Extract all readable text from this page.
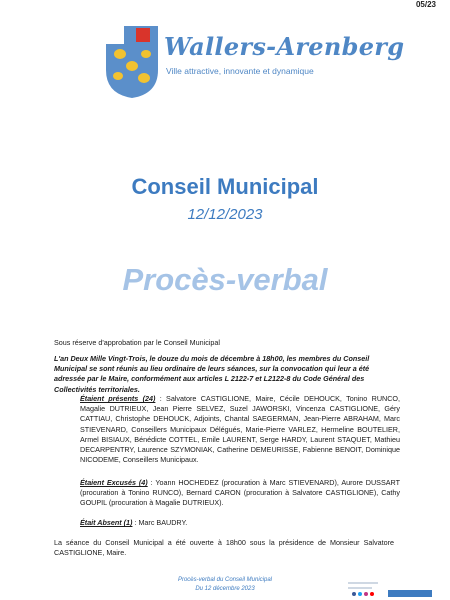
05/23
Wallers-Arenberg
Ville attractive, innovante et dynamique
Conseil Municipal
12/12/2023
Procès-verbal
Sous réserve d'approbation par le Conseil Municipal
L'an Deux Mille Vingt-Trois, le douze du mois de décembre à 18h00, les membres du Conseil Municipal se sont réunis au lieu ordinaire de leurs séances, sur la convocation qui leur a été adressée par le Maire, conformément aux articles L 2122-7 et L2122-8 du Code Général des Collectivités territoriales.
Étaient présents (24) : Salvatore CASTIGLIONE, Maire, Cécile DEHOUCK, Tonino RUNCO, Magalie DUTRIEUX, Jean Pierre SELVEZ, Suzel JAWORSKI, Vincenza CASTIGLIONE, Géry CATTIAU, Christophe DEHOUCK, Adjoints, Chantal SAEGERMAN, Jean-Pierre ABRAHAM, Marc STIEVENARD, Conseillers Municipaux Délégués, Marie-Pierre VARLEZ, Hermeline BOUTELIER, Armel BISIAUX, Bénédicte COTTEL, Emile LAURENT, Serge HARDY, Laurent STAQUET, Mathieu DECARPENTRY, Laurence SZYMONIAK, Catherine DEMEURISSE, Fabienne BENOIT, Dominique NICODEME, Conseillers Municipaux.
Étaient Excusés (4) : Yoann HOCHEDEZ (procuration à Marc STIEVENARD), Aurore DUSSART (procuration à Tonino RUNCO), Bernard CARON (procuration à Salvatore CASTIGLIONE), Cathy GOUPIL (procuration à Magalie DUTRIEUX).
Était Absent (1) : Marc BAUDRY.
La séance du Conseil Municipal a été ouverte à 18h00 sous la présidence de Monsieur Salvatore CASTIGLIONE, Maire.
Procès-verbal du Conseil Municipal
Du 12 décembre 2023
